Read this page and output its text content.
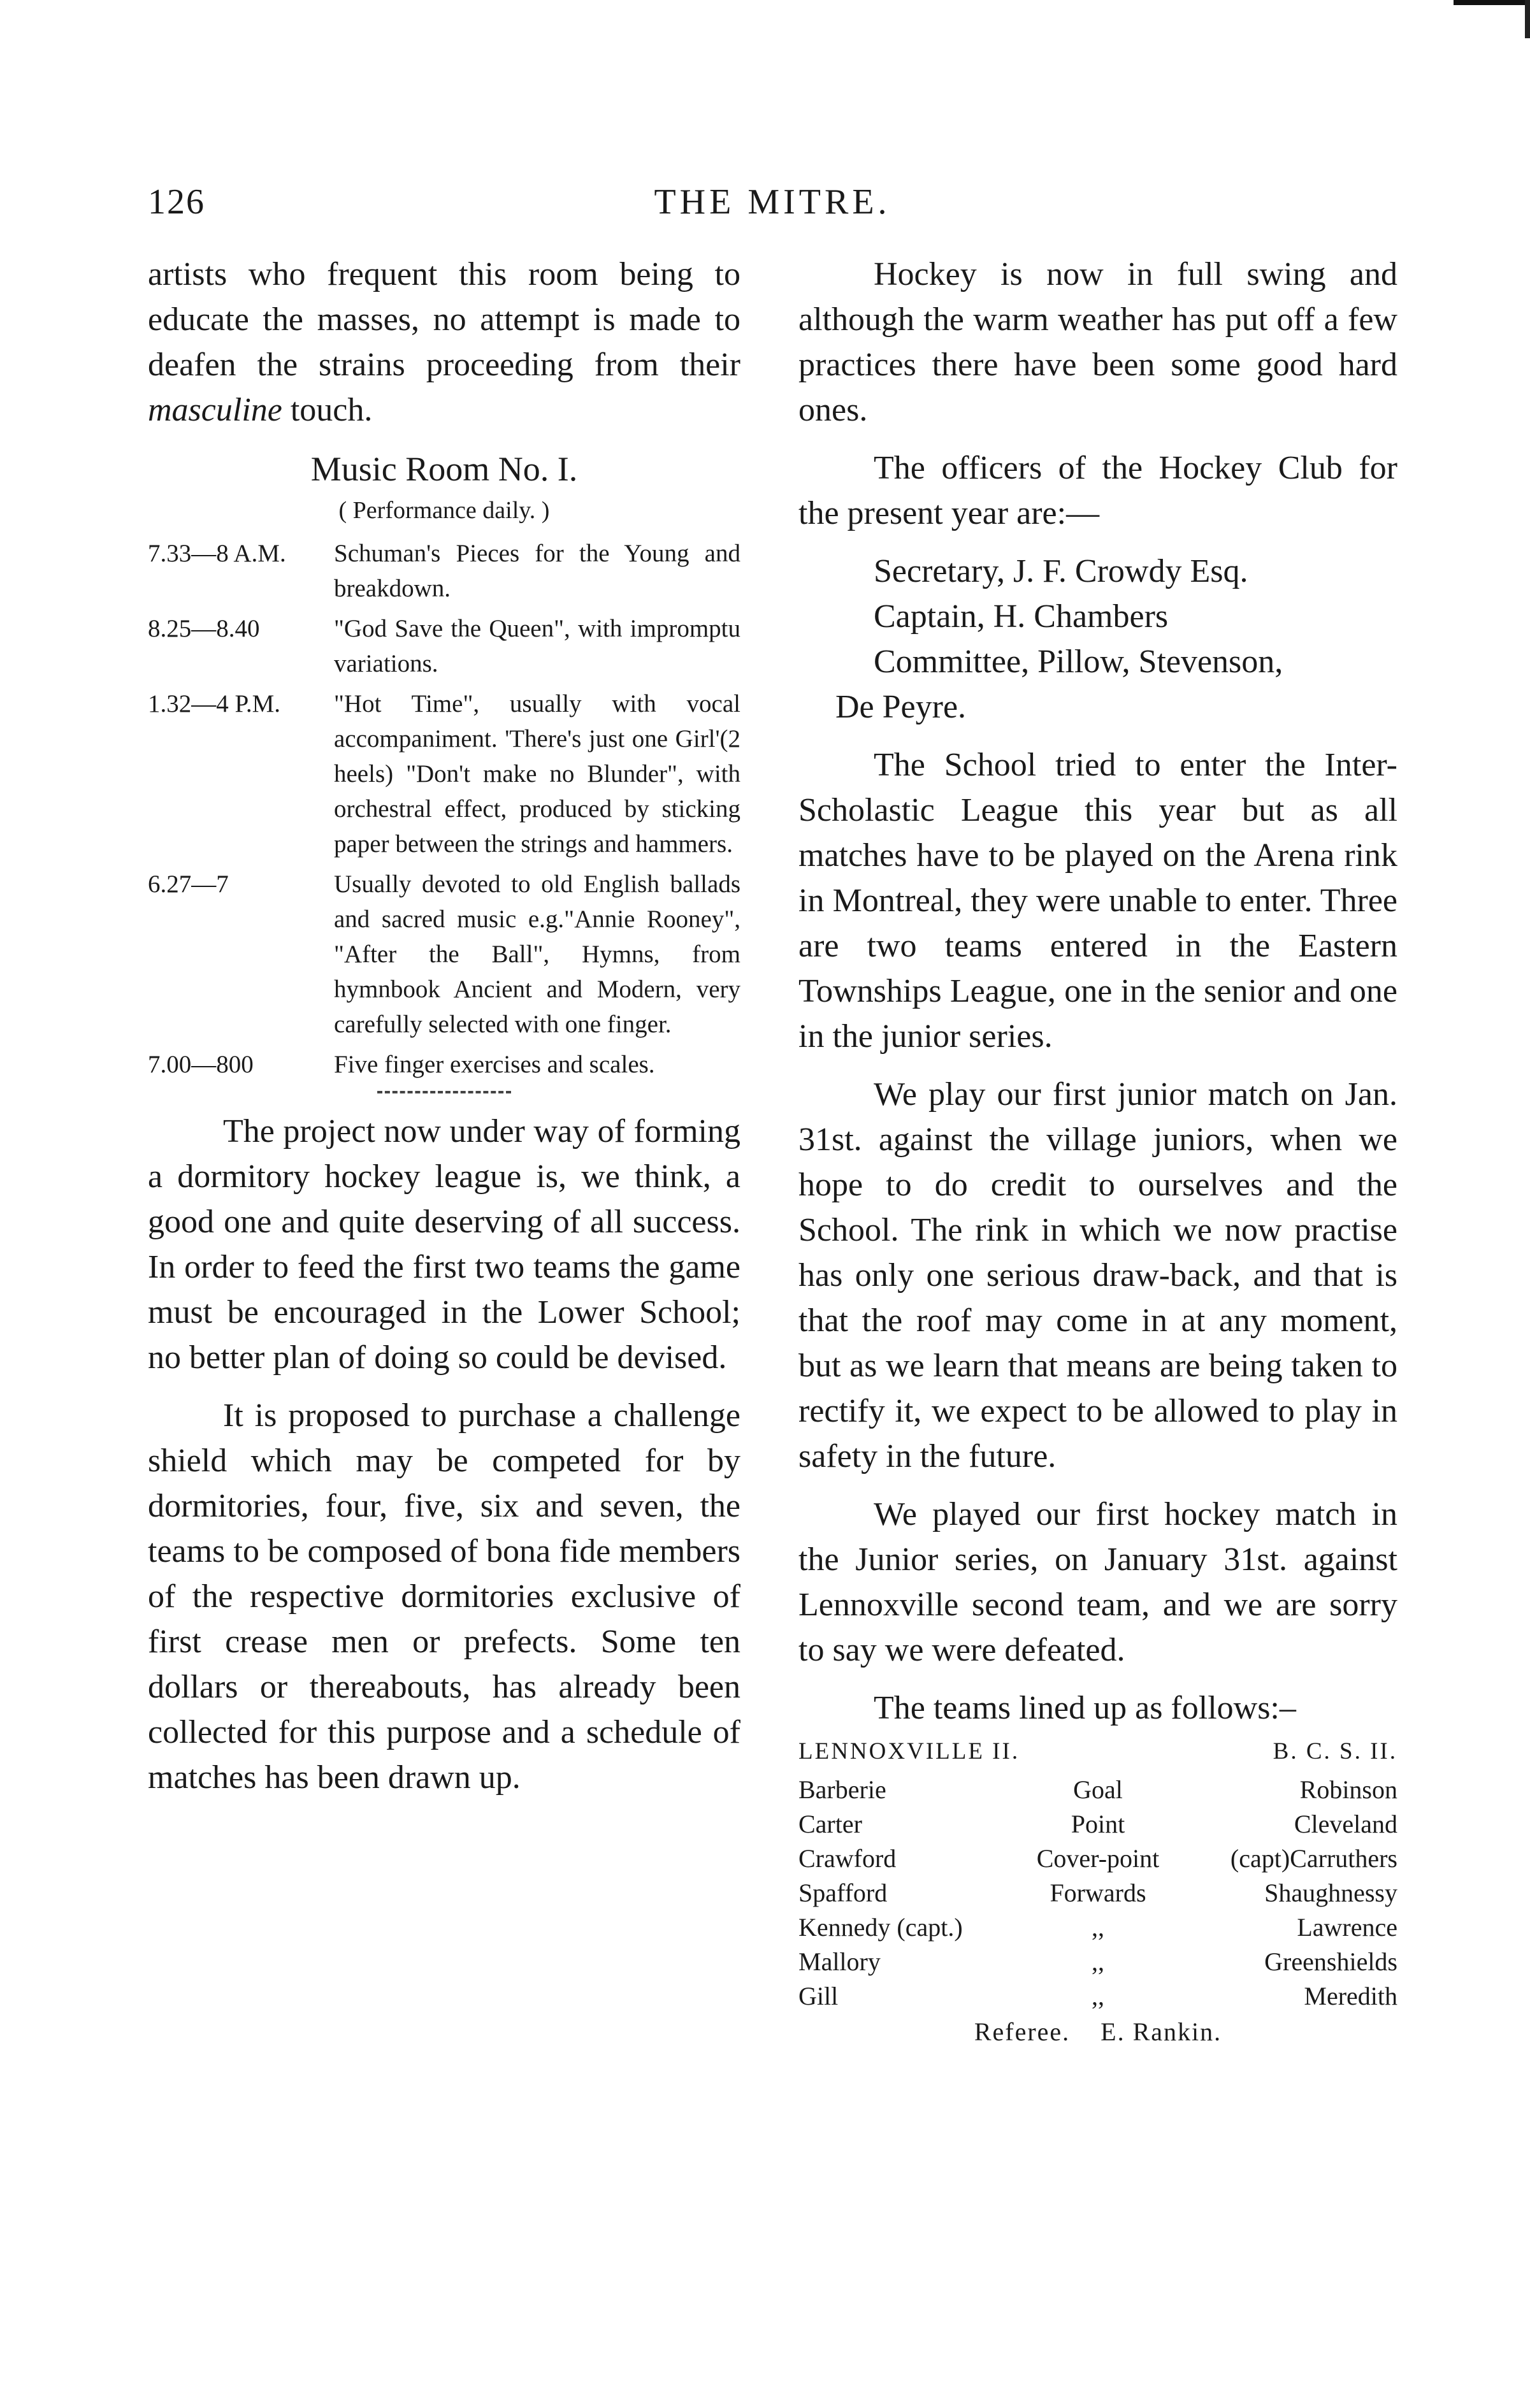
THE MITRE.
126

artists who frequent this room being to educate the masses, no attempt is made to deafen the strains proceeding from their masculine touch.

Music Room No. I.
( Performance daily. )
7.33—8 A.M.	Schuman's Pieces for the Young and breakdown.
8.25—8.40	"God Save the Queen", with impromptu variations.
1.32—4 P.M.	"Hot Time", usually with vocal accompaniment. 'There's just one Girl'(2 heels) "Don't make no Blunder", with orchestral effect, produced by sticking paper between the strings and hammers.
6.27—7	Usually devoted to old English ballads and sacred music e.g."Annie Rooney", "After the Ball", Hymns, from hymnbook Ancient and Modern, very carefully selected with one finger.
7.00—800	Five finger exercises and scales.

The project now under way of forming a dormitory hockey league is, we think, a good one and quite deserving of all success. In order to feed the first two teams the game must be encouraged in the Lower School; no better plan of doing so could be devised.

It is proposed to purchase a challenge shield which may be competed for by dormitories, four, five, six and seven, the teams to be composed of bona fide members of the respective dormitories exclusive of first crease men or prefects. Some ten dollars or thereabouts, has already been collected for this purpose and a schedule of matches has been drawn up.

Hockey is now in full swing and although the warm weather has put off a few practices there have been some good hard ones.

The officers of the Hockey Club for the present year are:—

Secretary, J. F. Crowdy Esq.
Captain, H. Chambers
Committee, Pillow, Stevenson,
De Peyre.

The School tried to enter the Inter-Scholastic League this year but as all matches have to be played on the Arena rink in Montreal, they were unable to enter. Three are two teams entered in the Eastern Townships League, one in the senior and one in the junior series.

We play our first junior match on Jan. 31st. against the village juniors, when we hope to do credit to ourselves and the School. The rink in which we now practise has only one serious draw-back, and that is that the roof may come in at any moment, but as we learn that means are being taken to rectify it, we expect to be allowed to play in safety in the future.

We played our first hockey match in the Junior series, on January 31st. against Lennoxville second team, and we are sorry to say we were defeated.

The teams lined up as follows:–

LENNOXVILLE II.	B. C. S. II.
Barberie	Goal	Robinson
Carter	Point	Cleveland
Crawford	Cover-point	(capt)Carruthers
Spafford	Forwards	Shaughnessy
Kennedy (capt.)	,,	Lawrence
Mallory	,,	Greenshields
Gill	,,	Meredith
Referee. E. Rankin.
